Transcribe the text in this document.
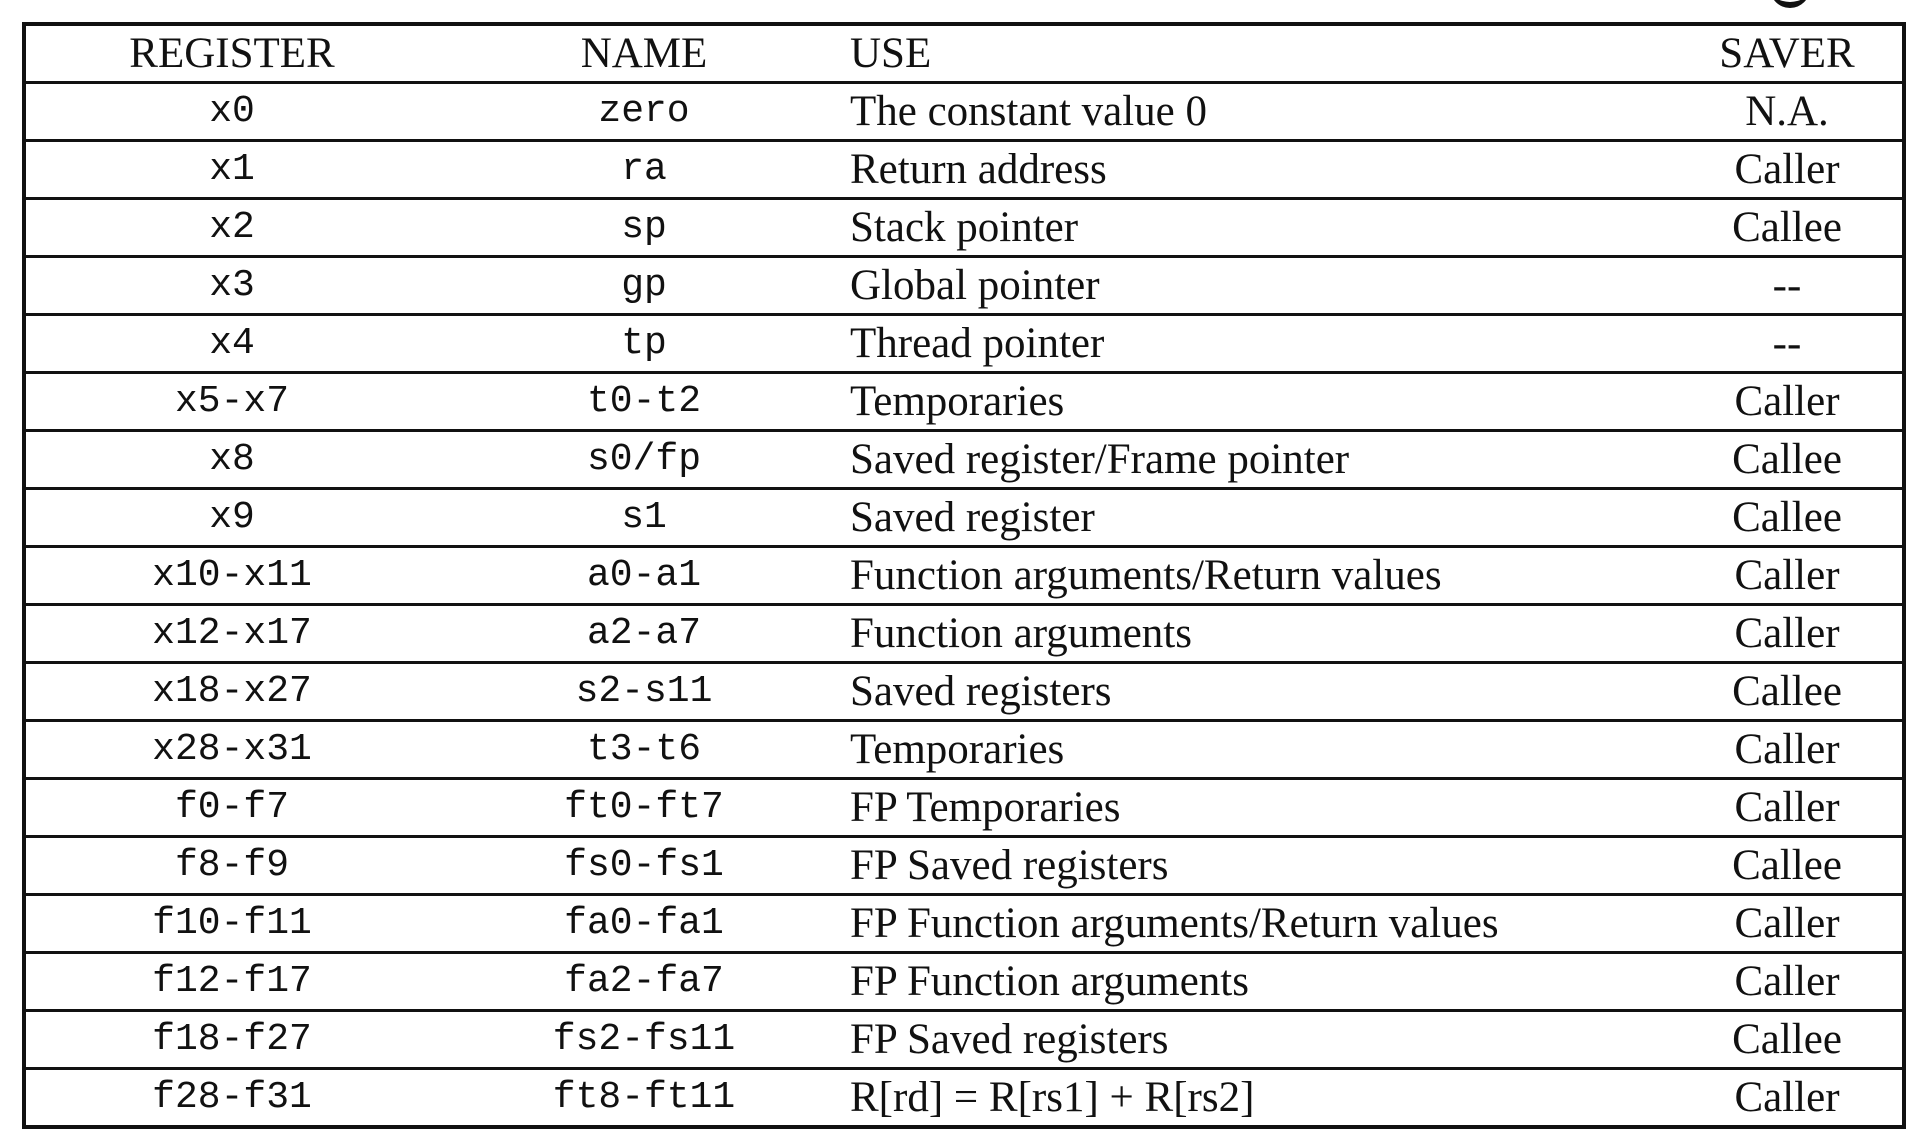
REGISTER	NAME	USE	SAVER
x0	zero	The constant value 0	N.A.
x1	ra	Return address	Caller
x2	sp	Stack pointer	Callee
x3	gp	Global pointer	--
x4	tp	Thread pointer	--
x5-x7	t0-t2	Temporaries	Caller
x8	s0/fp	Saved register/Frame pointer	Callee
x9	s1	Saved register	Callee
x10-x11	a0-a1	Function arguments/Return values	Caller
x12-x17	a2-a7	Function arguments	Caller
x18-x27	s2-s11	Saved registers	Callee
x28-x31	t3-t6	Temporaries	Caller
f0-f7	ft0-ft7	FP Temporaries	Caller
f8-f9	fs0-fs1	FP Saved registers	Callee
f10-f11	fa0-fa1	FP Function arguments/Return values	Caller
f12-f17	fa2-fa7	FP Function arguments	Caller
f18-f27	fs2-fs11	FP Saved registers	Callee
f28-f31	ft8-ft11	R[rd] = R[rs1] + R[rs2]	Caller
